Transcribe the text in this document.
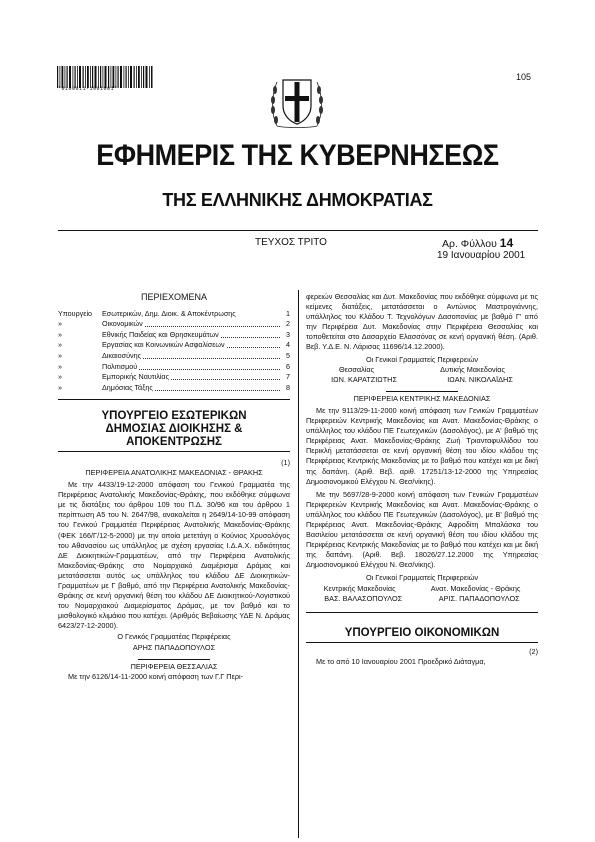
*0100011-1901001*
105
ΕΦΗΜΕΡΙΣ ΤΗΣ ΚΥΒΕΡΝΗΣΕΩΣ
ΤΗΣ ΕΛΛΗΝΙΚΗΣ ΔΗΜΟΚΡΑΤΙΑΣ
ΤΕΥΧΟΣ ΤΡΙΤΟ	Αρ. Φύλλου 14
19 Ιανουαρίου 2001
ΠΕΡΙΕΧΟΜΕΝΑ
Υπουργείο	Εσωτερικών, Δημ. Διοικ. & Αποκέντρωσης	1
»	Οικονομικών	2
»	Εθνικής Παιδείας και Θρησκευμάτων	3
»	Εργασίας και Κοινωνικών Ασφαλίσεων	4
»	Δικαιοσύνης	5
»	Πολιτισμού	6
»	Εμπορικής Ναυτιλίας	7
»	Δημόσιας Τάξης	8
ΥΠΟΥΡΓΕΙΟ ΕΣΩΤΕΡΙΚΩΝ
ΔΗΜΟΣΙΑΣ ΔΙΟΙΚΗΣΗΣ & ΑΠΟΚΕΝΤΡΩΣΗΣ
(1)
ΠΕΡΙΦΕΡΕΙΑ ΑΝΑΤΟΛΙΚΗΣ ΜΑΚΕΔΟΝΙΑΣ - ΘΡΑΚΗΣ

Με την 4433/19-12-2000 απόφαση του Γενικού Γραμματέα της Περιφέρειας Ανατολικής Μακεδονίας-Θράκης, που εκδόθηκε σύμφωνα με τις διατάξεις του άρθρου 109 του Π.Δ. 30/96 και του άρθρου 1 περίπτωση Α5 του Ν. 2647/98, ανακαλείται η 2649/14-10-99 απόφαση του Γενικού Γραμματέα Περιφέρειας Ανατολικής Μακεδονίας-Θράκης (ΦΕΚ 166/Γ/12-5-2000) με την οποία μετετάγη ο Κούνιος Χρυσολόγος του Αθανασίου ως υπάλληλος με σχέση εργασίας Ι.Δ.Α.Χ. ειδικότητας ΔΕ Διοικητικών-Γραμματέων, από την Περιφέρεια Ανατολικής Μακεδονίας-Θράκης στο Νομαρχιακό Διαμέρισμα Δράμας και μετατάσσεται αυτός ως υπάλληλος του κλάδου ΔΕ Διοικητικών-Γραμματέων με Γ βαθμό, από την Περιφέρεια Ανατολικής Μακεδονίας-Θράκης σε κενή οργανική θέση του κλάδου ΔΕ Διοικητικού-Λογιστικού του Νομαρχιακού Διαμερίσματος Δράμας, με τον βαθμό και το μισθολογικό κλιμάκιο που κατέχει. (Αριθμός Βεβαίωσης ΥΔΕ Ν. Δράμας 6423/27-12-2000).

Ο Γενικός Γραμματέας Περιφέρειας
ΑΡΗΣ ΠΑΠΑΔΟΠΟΥΛΟΣ
ΠΕΡΙΦΕΡΕΙΑ ΘΕΣΣΑΛΙΑΣ

Με την 6126/14-11-2000 κοινή απόφαση των Γ.Γ Περι-

φερειών Θεσσαλίας και Δυτ. Μακεδονίας που εκδόθηκε σύμφωνα με τις κείμενες διατάξεις, μετατάσσεται ο Αντώνιος Μαστρογιάννης, υπάλληλος του Κλάδου Τ. Τεχνολόγων Δασοπονίας με βαθμό Γ' από την Περιφέρεια Δυτ. Μακεδονίας στην Περιφέρεια Θεσσαλίας και τοποθετείται στο Δασαρχείο Ελασσόνας σε κενή οργανική θέση. (Αριθ. Βεβ. Υ.Δ.Ε. Ν. Λάρισας 11696/14.12.2000).

Οι Γενικοί Γραμματείς Περιφερειών
Θεσσαλίας	Δυτικής Μακεδονίας
ΙΩΝ. ΚΑΡΑΤΖΙΩΤΗΣ	ΙΩΑΝ. ΝΙΚΟΛΑΪΔΗΣ
ΠΕΡΙΦΕΡΕΙΑ ΚΕΝΤΡΙΚΗΣ ΜΑΚΕΔΟΝΙΑΣ

Με την 9113/29-11-2000 κοινή απόφαση των Γενικών Γραμματέων Περιφερειών Κεντρικής Μακεδονίας και Ανατ. Μακεδονίας-Θράκης ο υπάλληλος του κλάδου ΠΕ Γεωτεχνικών (Δασολόγος), με Α' βαθμό της Περιφέρειας Ανατ. Μακεδονίας-Θράκης Ζωή Τριανταφυλλίδου του Περικλή μετατάσσεται σε κενή οργανική θέση του ιδίου κλάδου της Περιφέρειας Κεντρικής Μακεδονίας με το βαθμό που κατέχει και με δική της δαπάνη. (Αριθ. Βεβ. αριθ. 17251/13-12-2000 της Υπηρεσίας Δημοσιονομικού Ελέγχου Ν. Θεσ/νίκης).

Με την 5697/28-9-2000 κοινή απόφαση των Γενικών Γραμματέων Περιφερειών Κεντρικής Μακεδονίας και Ανατ. Μακεδονίας-Θράκης ο υπάλληλος του κλάδου ΠΕ Γεωτεχνικών (Δασολόγος), με Β' βαθμό της Περιφέρειας Ανατ. Μακεδονίας-Θράκης Αφροδίτη Μπαλάσκα του Βασιλείου μετατάσσεται σε κενή οργανική θέση του ιδίου κλάδου της Περιφέρειας Κεντρικής Μακεδονίας με το βαθμό που κατέχει και με δική της δαπάνη. (Αριθ. Βεβ. 18026/27.12.2000 της Υπηρεσίας Δημοσιονομικού Ελέγχου Ν. Θεσ/νίκης).

Οι Γενικοί Γραμματείς Περιφερειών
Κεντρικής Μακεδονίας	Ανατ. Μακεδονίας - Θράκης
ΒΑΣ. ΒΑΛΑΣΟΠΟΥΛΟΣ	ΑΡΙΣ. ΠΑΠΑΔΟΠΟΥΛΟΣ
ΥΠΟΥΡΓΕΙΟ ΟΙΚΟΝΟΜΙΚΩΝ
(2)

Με το από 10 Ιανουαρίου 2001 Προεδρικό Διάταγμα,
